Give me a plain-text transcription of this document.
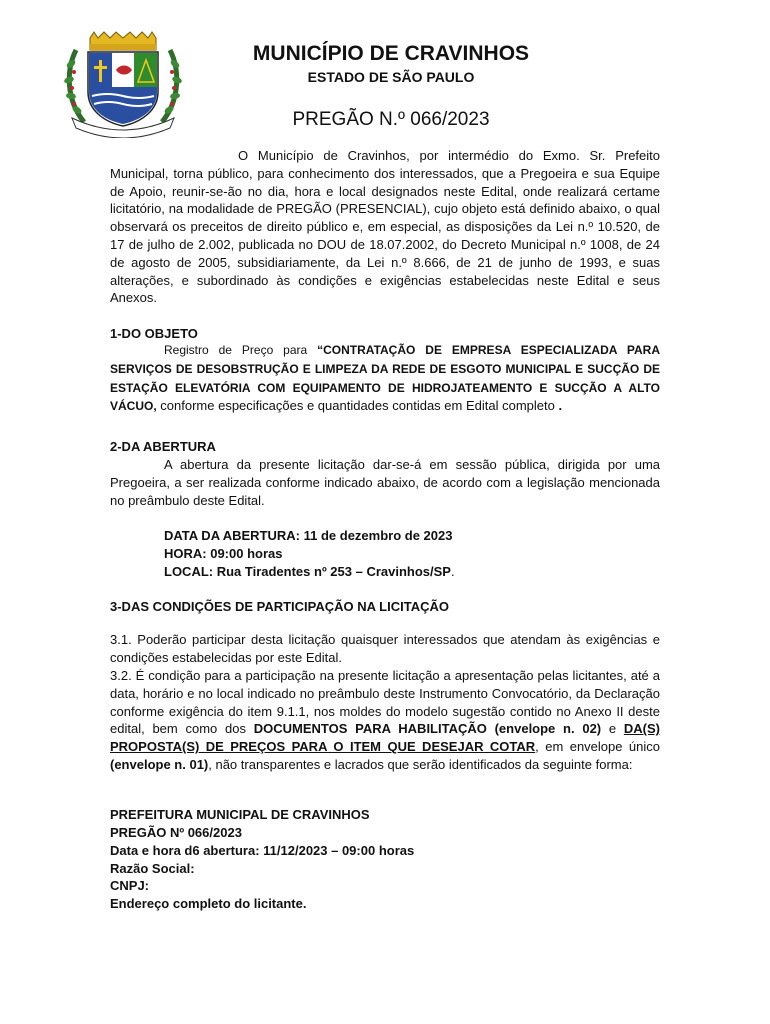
MUNICÍPIO DE CRAVINHOS
ESTADO DE SÃO PAULO
PREGÃO N.º 066/2023
O Município de Cravinhos, por intermédio do Exmo. Sr. Prefeito Municipal, torna público, para conhecimento dos interessados, que a Pregoeira e sua Equipe de Apoio, reunir-se-ão no dia, hora e local designados neste Edital, onde realizará certame licitatório, na modalidade de PREGÃO (PRESENCIAL), cujo objeto está definido abaixo, o qual observará os preceitos de direito público e, em especial, as disposições da Lei n.º 10.520, de 17 de julho de 2.002, publicada no DOU de 18.07.2002, do Decreto Municipal n.º 1008, de 24 de agosto de 2005, subsidiariamente, da Lei n.º 8.666, de 21 de junho de 1993, e suas alterações, e subordinado às condições e exigências estabelecidas neste Edital e seus Anexos.
1-DO OBJETO
Registro de Preço para “CONTRATAÇÃO DE EMPRESA ESPECIALIZADA PARA SERVIÇOS DE DESOBSTRUÇÃO E LIMPEZA DA REDE DE ESGOTO MUNICIPAL E SUCÇÃO DE ESTAÇÃO ELEVATÓRIA COM EQUIPAMENTO DE HIDROJATEAMENTO E SUCÇÃO A ALTO VÁCUO, conforme especificações e quantidades contidas em Edital completo .
2-DA ABERTURA
A abertura da presente licitação dar-se-á em sessão pública, dirigida por uma Pregoeira, a ser realizada conforme indicado abaixo, de acordo com a legislação mencionada no preâmbulo deste Edital.
DATA DA ABERTURA: 11 de dezembro de 2023
HORA: 09:00 horas
LOCAL: Rua Tiradentes nº 253 – Cravinhos/SP.
3-DAS CONDIÇÕES DE PARTICIPAÇÃO NA LICITAÇÃO
3.1. Poderão participar desta licitação quaisquer interessados que atendam às exigências e condições estabelecidas por este Edital.
3.2. É condição para a participação na presente licitação a apresentação pelas licitantes, até a data, horário e no local indicado no preâmbulo deste Instrumento Convocatório, da Declaração conforme exigência do item 9.1.1, nos moldes do modelo sugestão contido no Anexo II deste edital, bem como dos DOCUMENTOS PARA HABILITAÇÃO (envelope n. 02) e DA(S) PROPOSTA(S) DE PREÇOS PARA O ITEM QUE DESEJAR COTAR, em envelope único (envelope n. 01), não transparentes e lacrados que serão identificados da seguinte forma:
PREFEITURA MUNICIPAL DE CRAVINHOS
PREGÃO Nº 066/2023
Data e hora d6 abertura: 11/12/2023 – 09:00 horas
Razão Social:
CNPJ:
Endereço completo do licitante.
